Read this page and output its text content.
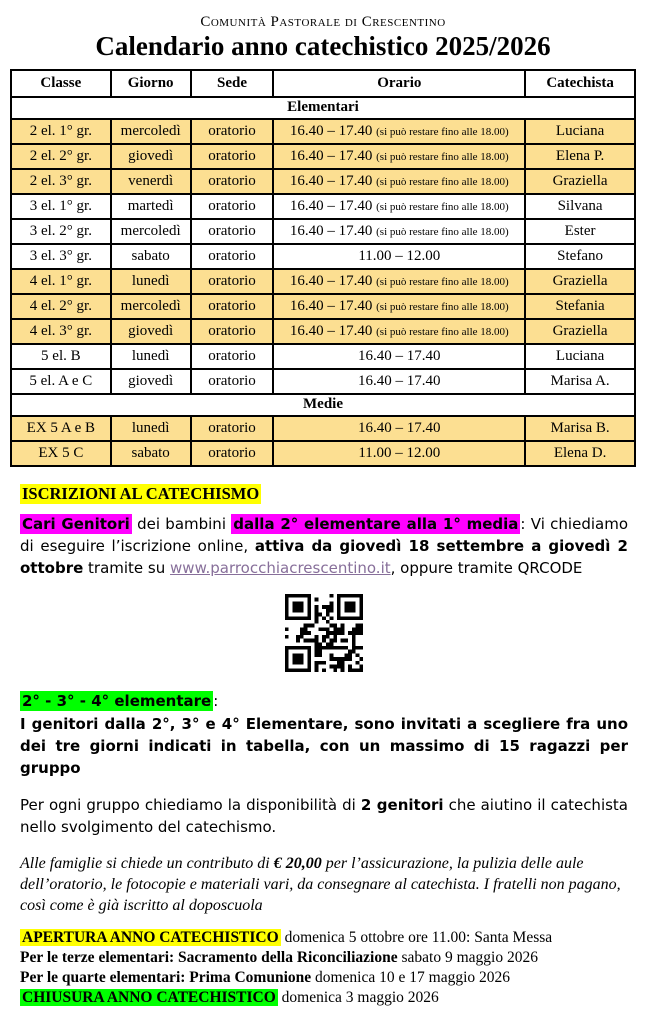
Comunità Pastorale di Crescentino
Calendario anno catechistico 2025/2026
Classe	Giorno	Sede	Orario	Catechista
Elementari				
2 el. 1° gr.	mercoledì	oratorio	16.40 – 17.40 (si può restare fino alle 18.00)	Luciana
2 el. 2° gr.	giovedì	oratorio	16.40 – 17.40 (si può restare fino alle 18.00)	Elena P.
2 el. 3° gr.	venerdì	oratorio	16.40 – 17.40 (si può restare fino alle 18.00)	Graziella
3 el. 1° gr.	martedì	oratorio	16.40 – 17.40 (si può restare fino alle 18.00)	Silvana
3 el. 2° gr.	mercoledì	oratorio	16.40 – 17.40 (si può restare fino alle 18.00)	Ester
3 el. 3° gr.	sabato	oratorio	11.00 – 12.00	Stefano
4 el. 1° gr.	lunedì	oratorio	16.40 – 17.40 (si può restare fino alle 18.00)	Graziella
4 el. 2° gr.	mercoledì	oratorio	16.40 – 17.40 (si può restare fino alle 18.00)	Stefania
4 el. 3° gr.	giovedì	oratorio	16.40 – 17.40 (si può restare fino alle 18.00)	Graziella
5 el. B	lunedì	oratorio	16.40 – 17.40	Luciana
5 el. A e C	giovedì	oratorio	16.40 – 17.40	Marisa A.
Medie				
EX 5 A e B	lunedì	oratorio	16.40 – 17.40	Marisa B.
EX 5 C	sabato	oratorio	11.00 – 12.00	Elena D.
ISCRIZIONI AL CATECHISMO

Cari Genitori dei bambini dalla 2° elementare alla 1° media : Vi chiediamo di eseguire l’iscrizione online, attiva da giovedì 18 settembre a giovedì 2 ottobre tramite su www.parrocchiacrescentino.it, oppure tramite QRCODE

2° - 3° - 4° elementare :

I genitori dalla 2°, 3° e 4° Elementare, sono invitati a scegliere fra uno dei tre giorni indicati in tabella, con un massimo di 15 ragazzi per gruppo

Per ogni gruppo chiediamo la disponibilità di 2 genitori che aiutino il catechista nello svolgimento del catechismo.

Alle famiglie si chiede un contributo di € 20,00 per l’assicurazione, la pulizia delle aule dell’oratorio, le fotocopie e materiali vari, da consegnare al catechista. I fratelli non pagano, così come è già iscritto al doposcuola

APERTURA ANNO CATECHISTICO domenica 5 ottobre ore 11.00: Santa Messa

Per le terze elementari: Sacramento della Riconciliazione sabato 9 maggio 2026

Per le quarte elementari: Prima Comunione domenica 10 e 17 maggio 2026

CHIUSURA ANNO CATECHISTICO domenica 3 maggio 2026
